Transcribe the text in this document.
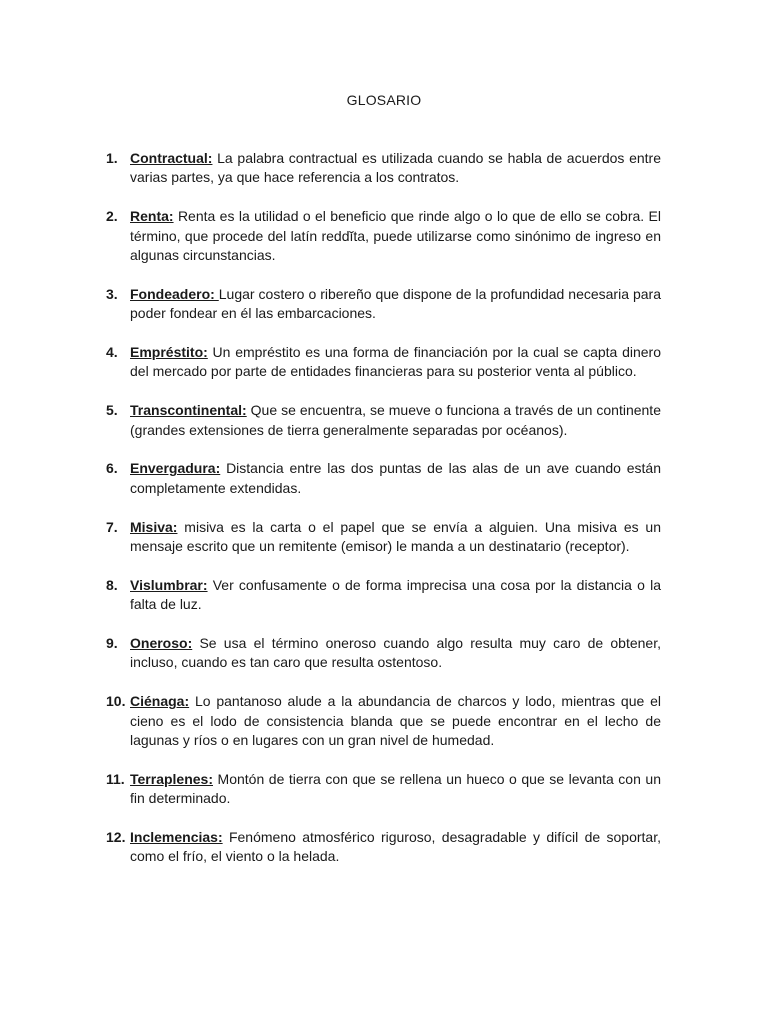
GLOSARIO
1. Contractual: La palabra contractual es utilizada cuando se habla de acuerdos entre varias partes, ya que hace referencia a los contratos.
2. Renta: Renta es la utilidad o el beneficio que rinde algo o lo que de ello se cobra. El término, que procede del latín reddĭta, puede utilizarse como sinónimo de ingreso en algunas circunstancias.
3. Fondeadero: Lugar costero o ribereño que dispone de la profundidad necesaria para poder fondear en él las embarcaciones.
4. Empréstito: Un empréstito es una forma de financiación por la cual se capta dinero del mercado por parte de entidades financieras para su posterior venta al público.
5. Transcontinental: Que se encuentra, se mueve o funciona a través de un continente (grandes extensiones de tierra generalmente separadas por océanos).
6. Envergadura: Distancia entre las dos puntas de las alas de un ave cuando están completamente extendidas.
7. Misiva: misiva es la carta o el papel que se envía a alguien. Una misiva es un mensaje escrito que un remitente (emisor) le manda a un destinatario (receptor).
8. Vislumbrar: Ver confusamente o de forma imprecisa una cosa por la distancia o la falta de luz.
9. Oneroso: Se usa el término oneroso cuando algo resulta muy caro de obtener, incluso, cuando es tan caro que resulta ostentoso.
10. Ciénaga: Lo pantanoso alude a la abundancia de charcos y lodo, mientras que el cieno es el lodo de consistencia blanda que se puede encontrar en el lecho de lagunas y ríos o en lugares con un gran nivel de humedad.
11. Terraplenes: Montón de tierra con que se rellena un hueco o que se levanta con un fin determinado.
12. Inclemencias: Fenómeno atmosférico riguroso, desagradable y difícil de soportar, como el frío, el viento o la helada.
